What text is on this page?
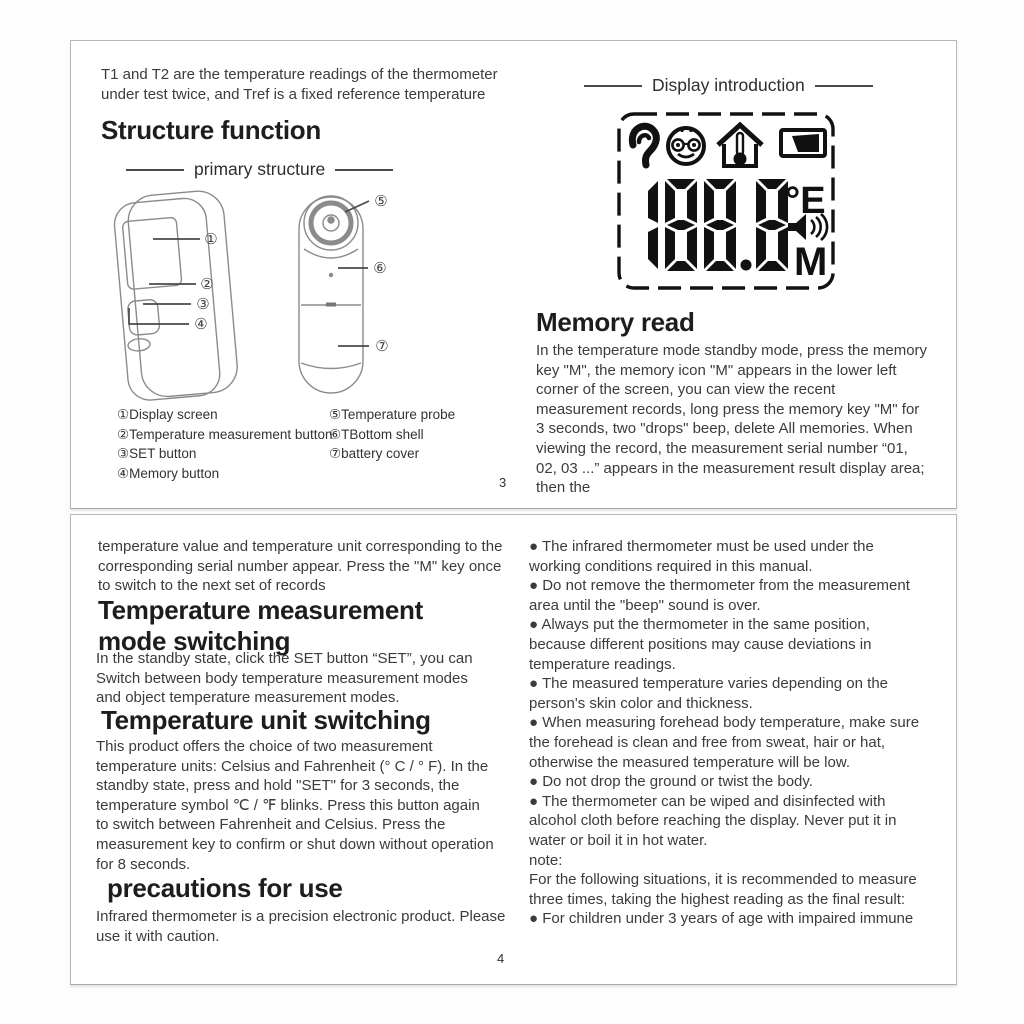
T1 and T2 are the temperature readings of the thermometer under test twice, and Tref is a fixed reference temperature
Structure function
primary structure
①
②
③
④
⑤
⑥
⑦
①Display screen
②Temperature measurement button
③SET button
④Memory button
⑤Temperature probe
⑥TBottom shell
⑦battery cover
3
Display introduction
°E
M
Memory read
In the temperature mode standby mode, press the memory key "M", the memory icon "M" appears in the lower left corner of the screen, you can view the recent measurement records, long press the memory key "M" for 3 seconds, two "drops" beep, delete All memories. When viewing the record, the measurement serial number “01, 02, 03 ...” appears in the measurement result display area; then the
temperature value and temperature unit corresponding to the corresponding serial number appear. Press the "M" key once to switch to the next set of records
Temperature measurement mode switching
In the standby state, click the SET button “SET”, you can Switch between body temperature measurement modes and object temperature measurement modes.
Temperature unit switching
This product offers the choice of two measurement temperature units: Celsius and Fahrenheit (° C / ° F). In the standby state, press and hold "SET" for 3 seconds, the temperature symbol ℃ / ℉ blinks. Press this button again to switch between Fahrenheit and Celsius. Press the measurement key to confirm or shut down without operation for 8 seconds.
precautions for use
Infrared thermometer is a precision electronic product. Please use it with caution.
4
● The infrared thermometer must be used under the working conditions required in this manual.
● Do not remove the thermometer from the measurement area until the "beep" sound is over.
● Always put the thermometer in the same position, because different positions may cause deviations in temperature readings.
● The measured temperature varies depending on the person's skin color and thickness.
● When measuring forehead body temperature, make sure the forehead is clean and free from sweat, hair or hat, otherwise the measured temperature will be low.
● Do not drop the ground or twist the body.
● The thermometer can be wiped and disinfected with alcohol cloth before reaching the display. Never put it in water or boil it in hot water.
note:
For the following situations, it is recommended to measure three times, taking the highest reading as the final result:
● For children under 3 years of age with impaired immune
